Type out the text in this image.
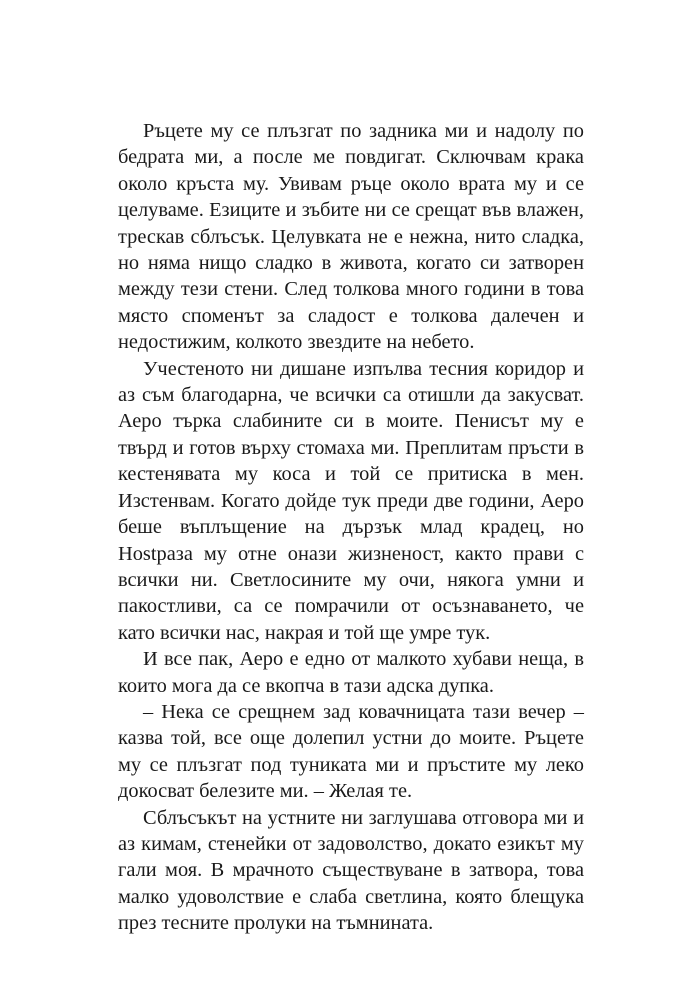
Ръцете му се плъзгат по задника ми и надолу по бедрата ми, а после ме повдигат. Сключвам крака около кръста му. Увивам ръце около врата му и се целуваме. Езиците и зъбите ни се срещат във влажен, трескав сблъсък. Целувката не е нежна, нито сладка, но няма нищо сладко в живота, когато си затворен между тези стени. След толкова много години в това място споменът за сладост е толкова далечен и недостижим, колкото звездите на небето.

Учестеното ни дишане изпълва тесния коридор и аз съм благодарна, че всички са отишли да закусват. Аеро търка слабините си в моите. Пенисът му е твърд и готов върху стомаха ми. Преплитам пръсти в кестенявата му коса и той се притиска в мен. Изстенвам. Когато дойде тук преди две години, Аеро беше въплъщение на дързък млад крадец, но Нostраза му отне онази жизненост, както прави с всички ни. Светлосините му очи, някога умни и пакостливи, са се помрачили от осъзнаването, че като всички нас, накрая и той ще умре тук.

И все пак, Аеро е едно от малкото хубави неща, в които мога да се вкопча в тази адска дупка.

– Нека се срещнем зад ковачницата тази вечер – казва той, все още долепил устни до моите. Ръцете му се плъзгат под туниката ми и пръстите му леко докосват белезите ми. – Желая те.

Сблъсъкът на устните ни заглушава отговора ми и аз кимам, стенейки от задоволство, докато езикът му гали моя. В мрачното съществуване в затвора, това малко удоволствие е слаба светлина, която блещука през тесните пролуки на тъмнината.
